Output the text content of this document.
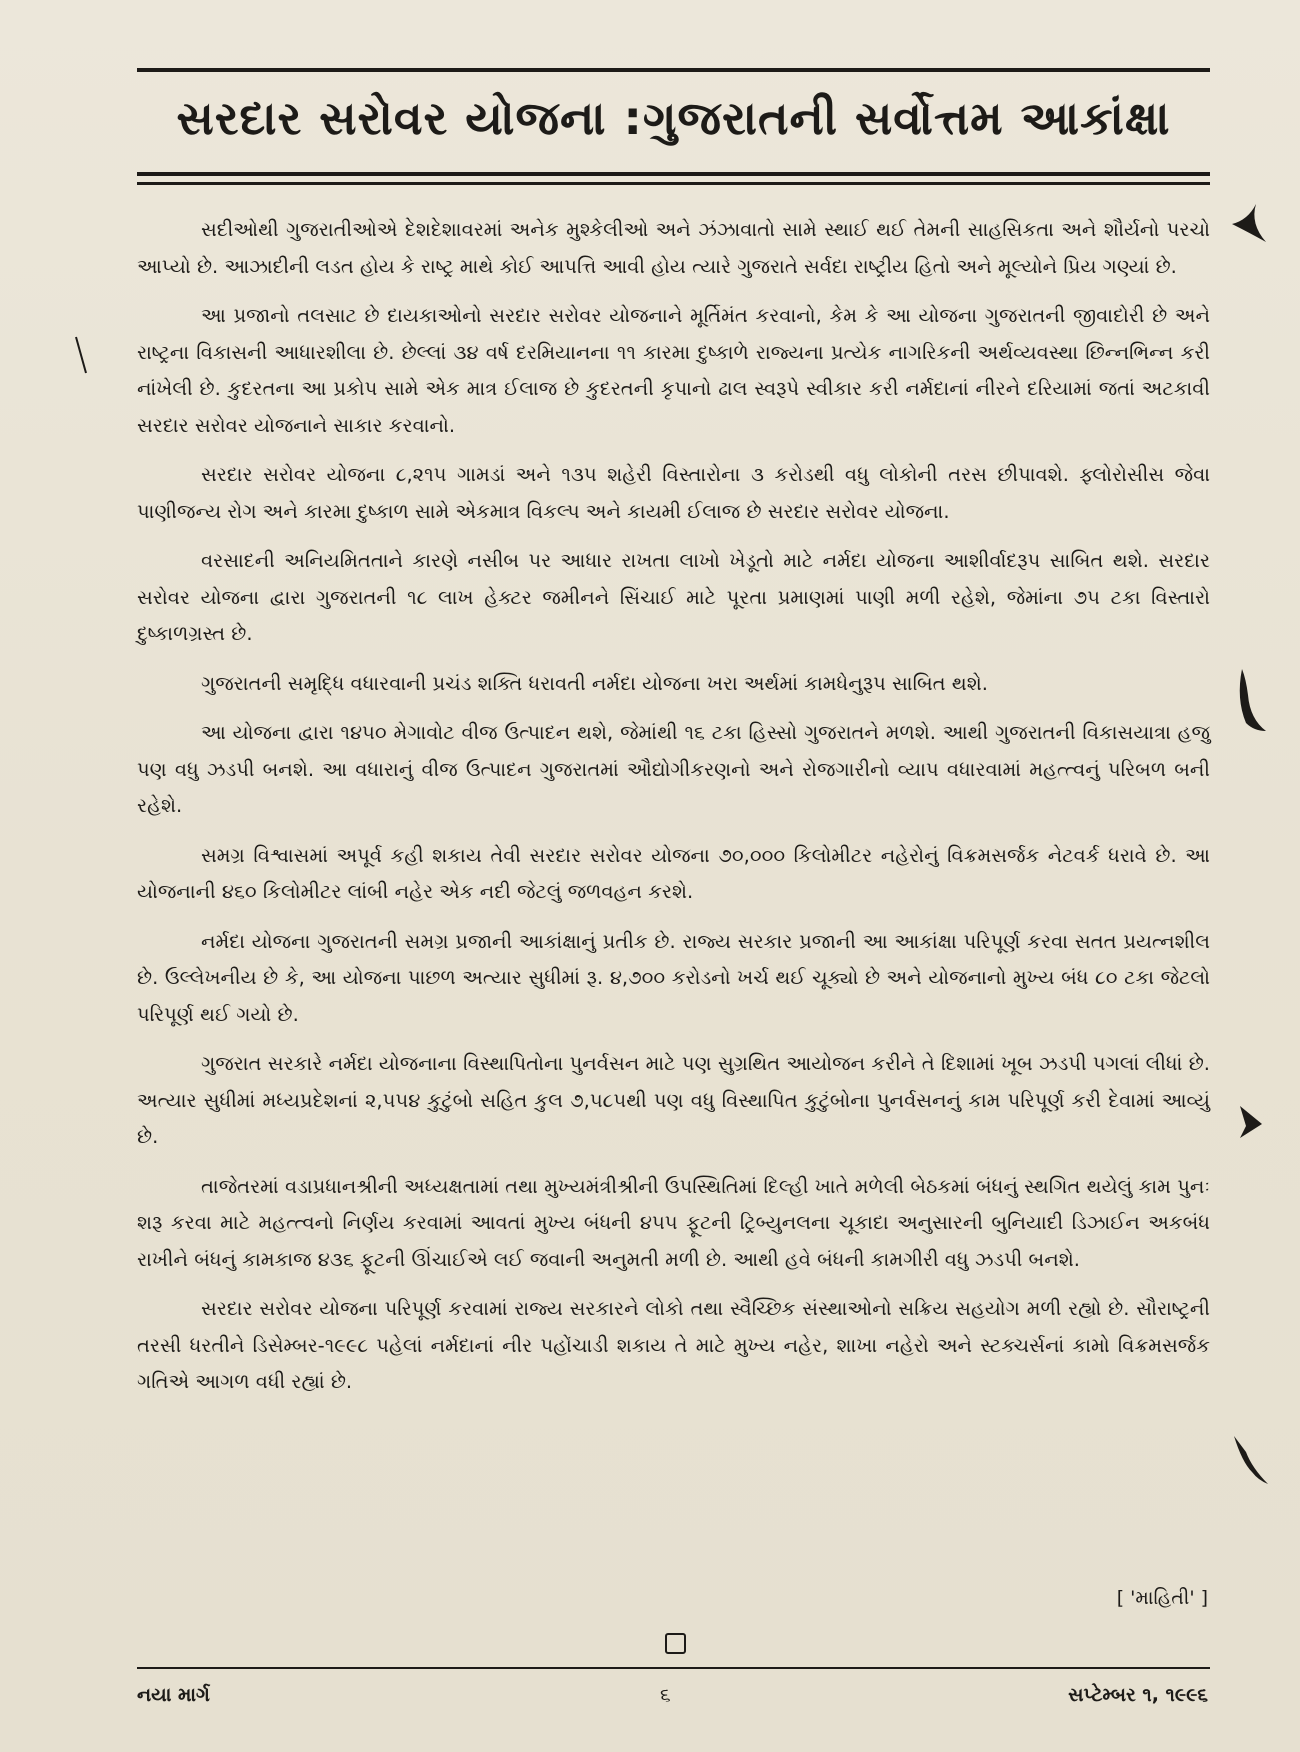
સરદાર સરોવર યોજના :ગુજરાતની સર્વોત્તમ આકાંક્ષા

સદીઓથી ગુજરાતીઓએ દેશદેશાવરમાં અનેક મુશ્કેલીઓ અને ઝંઝાવાતો સામે સ્થાઈ થઈ તેમની સાહસિકતા અને શૌર્યનો પરચો આપ્યો છે. આઝાદીની લડત હોય કે રાષ્ટ્ર માથે કોઈ આપત્તિ આવી હોય ત્યારે ગુજરાતે સર્વદા રાષ્ટ્રીય હિતો અને મૂલ્યોને પ્રિય ગણ્યાં છે.

આ પ્રજાનો તલસાટ છે દાયકાઓનો સરદાર સરોવર યોજનાને મૂર્તિમંત કરવાનો, કેમ કે આ યોજના ગુજરાતની જીવાદોરી છે અને રાષ્ટ્રના વિકાસની આધારશીલા છે. છેલ્લાં ૩૪ વર્ષ દરમિયાનના ૧૧ કારમા દુષ્કાળે રાજ્યના પ્રત્યેક નાગરિકની અર્થવ્યવસ્થા છિન્નભિન્ન કરી નાંખેલી છે. કુદરતના આ પ્રકોપ સામે એક માત્ર ઈલાજ છે કુદરતની કૃપાનો ઢાલ સ્વરૂપે સ્વીકાર કરી નર્મદાનાં નીરને દરિયામાં જતાં અટકાવી સરદાર સરોવર યોજનાને સાકાર કરવાનો.

સરદાર સરોવર યોજના ૮,૨૧૫ ગામડાં અને ૧૩૫ શહેરી વિસ્તારોના ૩ કરોડથી વધુ લોકોની તરસ છીપાવશે. ફ્લોરોસીસ જેવા પાણીજન્ય રોગ અને કારમા દુષ્કાળ સામે એકમાત્ર વિકલ્પ અને કાયમી ઈલાજ છે સરદાર સરોવર યોજના.

વરસાદની અનિયમિતતાને કારણે નસીબ પર આધાર રાખતા લાખો ખેડૂતો માટે નર્મદા યોજના આશીર્વાદરૂપ સાબિત થશે. સરદાર સરોવર યોજના દ્વારા ગુજરાતની ૧૮ લાખ હેક્ટર જમીનને સિંચાઈ માટે પૂરતા પ્રમાણમાં પાણી મળી રહેશે, જેમાંના ૭૫ ટકા વિસ્તારો દુષ્કાળગ્રસ્ત છે.

ગુજરાતની સમૃદ્ધિ વધારવાની પ્રચંડ શક્તિ ધરાવતી નર્મદા યોજના ખરા અર્થમાં કામધેનુરૂપ સાબિત થશે.

આ યોજના દ્વારા ૧૪૫૦ મેગાવોટ વીજ ઉત્પાદન થશે, જેમાંથી ૧૬ ટકા હિસ્સો ગુજરાતને મળશે. આથી ગુજરાતની વિકાસયાત્રા હજુ પણ વધુ ઝડપી બનશે. આ વધારાનું વીજ ઉત્પાદન ગુજરાતમાં ઔદ્યોગીકરણનો અને રોજગારીનો વ્યાપ વધારવામાં મહત્ત્વનું પરિબળ બની રહેશે.

સમગ્ર વિશ્વાસમાં અપૂર્વ કહી શકાય તેવી સરદાર સરોવર યોજના ૭૦,૦૦૦ કિલોમીટર નહેરોનું વિક્રમસર્જક નેટવર્ક ધરાવે છે. આ યોજનાની ૪૬૦ કિલોમીટર લાંબી નહેર એક નદી જેટલું જળવહન કરશે.

નર્મદા યોજના ગુજરાતની સમગ્ર પ્રજાની આકાંક્ષાનું પ્રતીક છે. રાજ્ય સરકાર પ્રજાની આ આકાંક્ષા પરિપૂર્ણ કરવા સતત પ્રયત્નશીલ છે. ઉલ્લેખનીય છે કે, આ યોજના પાછળ અત્યાર સુધીમાં રૂ. ૪,૭૦૦ કરોડનો ખર્ચ થઈ ચૂક્યો છે અને યોજનાનો મુખ્ય બંધ ૮૦ ટકા જેટલો પરિપૂર્ણ થઈ ગયો છે.

ગુજરાત સરકારે નર્મદા યોજનાના વિસ્થાપિતોના પુનર્વસન માટે પણ સુગ્રથિત આયોજન કરીને તે દિશામાં ખૂબ ઝડપી પગલાં લીધાં છે. અત્યાર સુધીમાં મધ્યપ્રદેશનાં ૨,૫૫૪ કુટુંબો સહિત કુલ ૭,૫૮૫થી પણ વધુ વિસ્થાપિત કુટુંબોના પુનર્વસનનું કામ પરિપૂર્ણ કરી દેવામાં આવ્યું છે.

તાજેતરમાં વડાપ્રધાનશ્રીની અધ્યક્ષતામાં તથા મુખ્યમંત્રીશ્રીની ઉપસ્થિતિમાં દિલ્હી ખાતે મળેલી બેઠકમાં બંધનું સ્થગિત થયેલું કામ પુનઃ શરૂ કરવા માટે મહત્ત્વનો નિર્ણય કરવામાં આવતાં મુખ્ય બંધની ૪૫૫ ફૂટની ટ્રિબ્યુનલના ચૂકાદા અનુસારની બુનિયાદી ડિઝાઈન અકબંધ રાખીને બંધનું કામકાજ ૪૩૬ ફૂટની ઊંચાઈએ લઈ જવાની અનુમતી મળી છે. આથી હવે બંધની કામગીરી વધુ ઝડપી બનશે.

સરદાર સરોવર યોજના પરિપૂર્ણ કરવામાં રાજ્ય સરકારને લોકો તથા સ્વૈચ્છિક સંસ્થાઓનો સક્રિય સહયોગ મળી રહ્યો છે. સૌરાષ્ટ્રની તરસી ધરતીને ડિસેમ્બર-૧૯૯૮ પહેલાં નર્મદાનાં નીર પહોંચાડી શકાય તે માટે મુખ્ય નહેર, શાખા નહેરો અને સ્ટક્ચર્સનાં કામો વિક્રમસર્જક ગતિએ આગળ વધી રહ્યાં છે.

[ 'માહિતી' ]
નયા માર્ગ	૬	સપ્ટેમ્બર ૧, ૧૯૯૬
